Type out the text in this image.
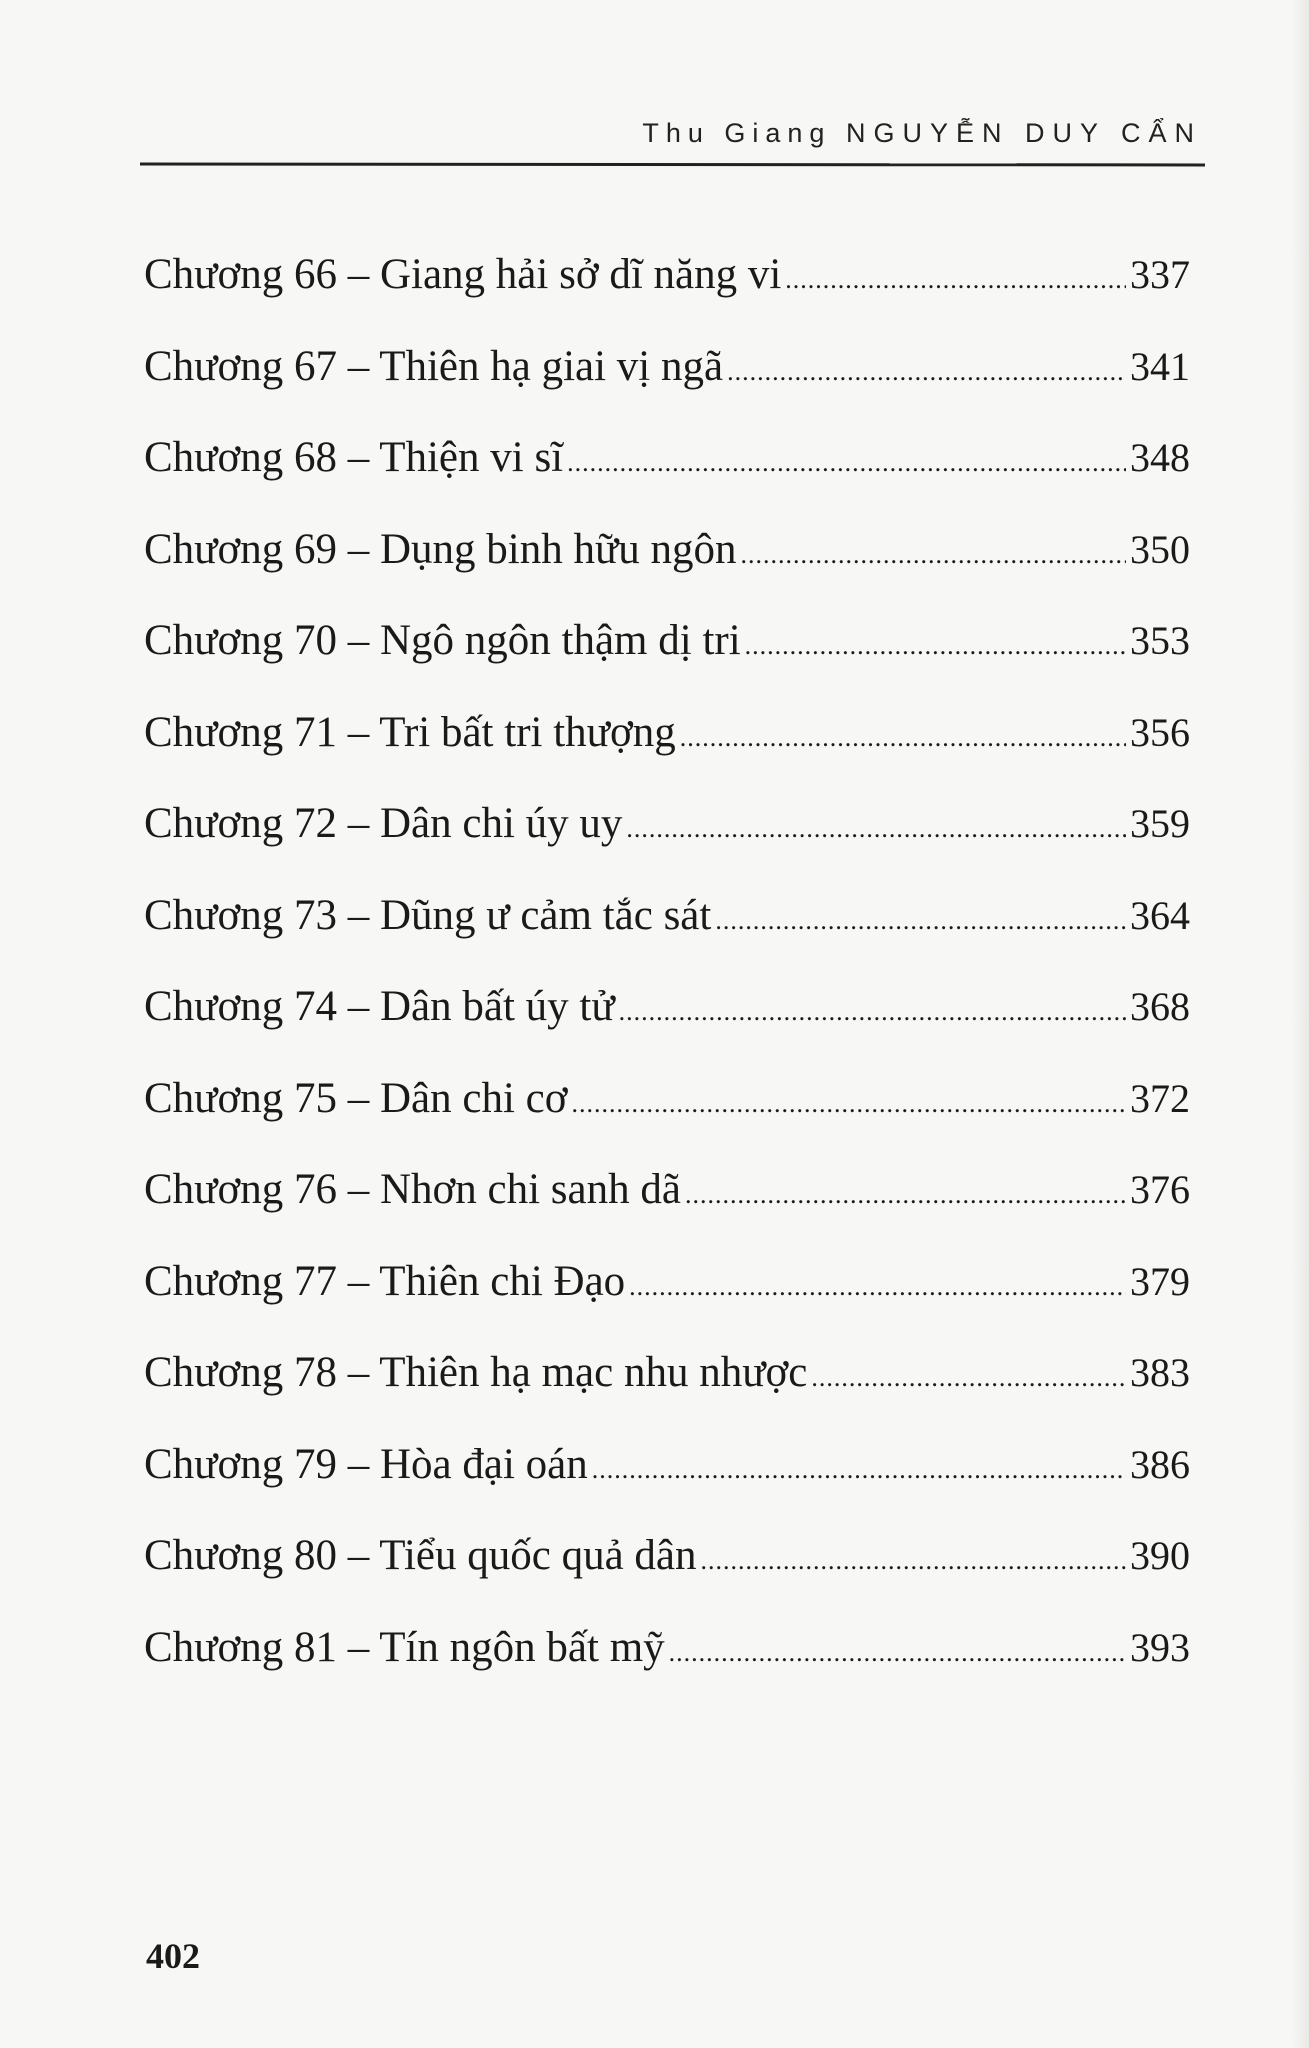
Thu Giang NGUYỄN DUY CẨN
Chương 66 – Giang hải sở dĩ năng vi .....	337
Chương 67 – Thiên hạ giai vị ngã .....	341
Chương 68 – Thiện vi sĩ .....	348
Chương 69 – Dụng binh hữu ngôn .....	350
Chương 70 – Ngô ngôn thậm dị tri .....	353
Chương 71 – Tri bất tri thượng .....	356
Chương 72 – Dân chi úy uy .....	359
Chương 73 – Dũng ư cảm tắc sát .....	364
Chương 74 – Dân bất úy tử .....	368
Chương 75 – Dân chi cơ .....	372
Chương 76 – Nhơn chi sanh dã .....	376
Chương 77 – Thiên chi Đạo .....	379
Chương 78 – Thiên hạ mạc nhu nhược .....	383
Chương 79 – Hòa đại oán .....	386
Chương 80 – Tiểu quốc quả dân .....	390
Chương 81 – Tín ngôn bất mỹ .....	393
402
